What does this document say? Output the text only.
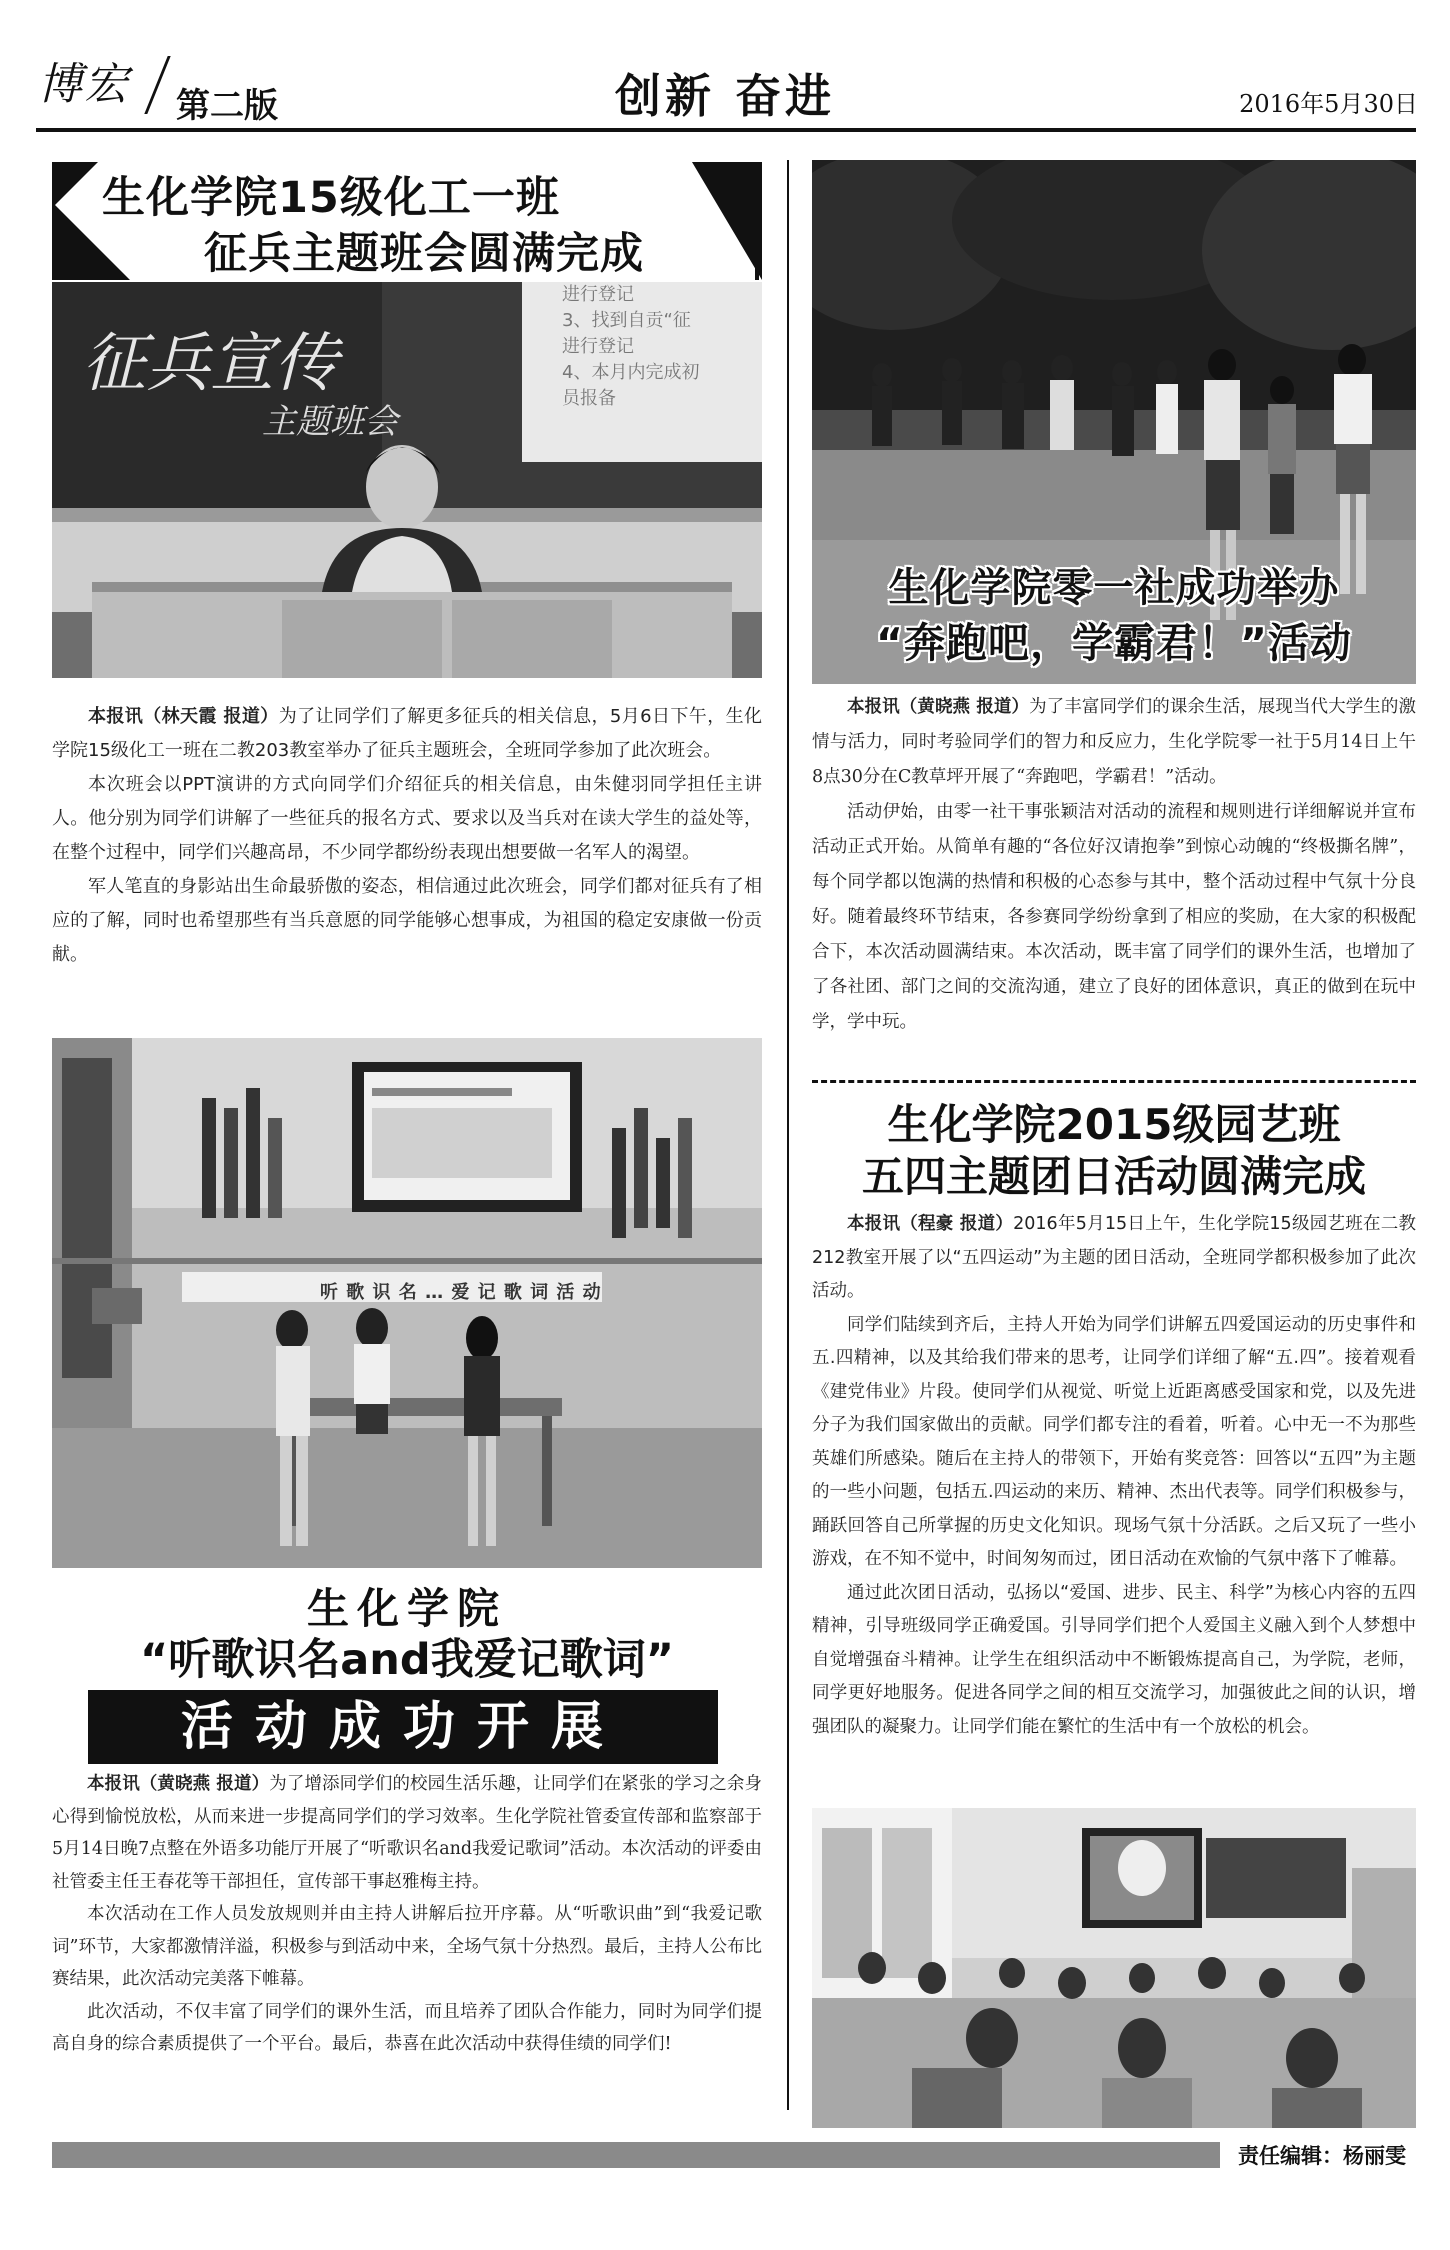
博宏 第二版	创新 奋进	2016年5月30日
生化学院15级化工一班
征兵主题班会圆满完成
征兵宣传
主题班会
进行登记
3、找到自贡“征
进行登记
4、本月内完成初
员报备

本报讯（林天霞 报道）为了让同学们了解更多征兵的相关信息，5月6日下午，生化学院15级化工一班在二教203教室举办了征兵主题班会，全班同学参加了此次班会。

本次班会以PPT演讲的方式向同学们介绍征兵的相关信息，由朱健羽同学担任主讲人。他分别为同学们讲解了一些征兵的报名方式、要求以及当兵对在读大学生的益处等，在整个过程中，同学们兴趣高昂，不少同学都纷纷表现出想要做一名军人的渴望。

军人笔直的身影站出生命最骄傲的姿态，相信通过此次班会，同学们都对征兵有了相应的了解，同时也希望那些有当兵意愿的同学能够心想事成，为祖国的稳定安康做一份贡献。

听 歌 识 名 … 爱 记 歌 词 活 动
生化学院
“听歌识名and我爱记歌词”
活动成功开展

本报讯（黄晓燕 报道）为了增添同学们的校园生活乐趣，让同学们在紧张的学习之余身心得到愉悦放松，从而来进一步提高同学们的学习效率。生化学院社管委宣传部和监察部于5月14日晚7点整在外语多功能厅开展了“听歌识名and我爱记歌词”活动。本次活动的评委由社管委主任王春花等干部担任，宣传部干事赵雅梅主持。

本次活动在工作人员发放规则并由主持人讲解后拉开序幕。从“听歌识曲”到“我爱记歌词”环节，大家都激情洋溢，积极参与到活动中来，全场气氛十分热烈。最后，主持人公布比赛结果，此次活动完美落下帷幕。

此次活动，不仅丰富了同学们的课外生活，而且培养了团队合作能力，同时为同学们提高自身的综合素质提供了一个平台。最后，恭喜在此次活动中获得佳绩的同学们!

生化学院零一社成功举办
“奔跑吧，学霸君！”活动

本报讯（黄晓燕 报道）为了丰富同学们的课余生活，展现当代大学生的激情与活力，同时考验同学们的智力和反应力，生化学院零一社于5月14日上午8点30分在C教草坪开展了“奔跑吧，学霸君！”活动。

活动伊始，由零一社干事张颖洁对活动的流程和规则进行详细解说并宣布活动正式开始。从简单有趣的“各位好汉请抱拳”到惊心动魄的“终极撕名牌”，每个同学都以饱满的热情和积极的心态参与其中，整个活动过程中气氛十分良好。随着最终环节结束，各参赛同学纷纷拿到了相应的奖励，在大家的积极配合下，本次活动圆满结束。本次活动，既丰富了同学们的课外生活，也增加了了各社团、部门之间的交流沟通，建立了良好的团体意识，真正的做到在玩中学，学中玩。

生化学院2015级园艺班
五四主题团日活动圆满完成

本报讯（程豪 报道）2016年5月15日上午，生化学院15级园艺班在二教212教室开展了以“五四运动”为主题的团日活动，全班同学都积极参加了此次活动。

同学们陆续到齐后，主持人开始为同学们讲解五四爱国运动的历史事件和五.四精神，以及其给我们带来的思考，让同学们详细了解“五.四”。接着观看《建党伟业》片段。使同学们从视觉、听觉上近距离感受国家和党，以及先进分子为我们国家做出的贡献。同学们都专注的看着，听着。心中无一不为那些英雄们所感染。随后在主持人的带领下，开始有奖竞答：回答以“五四”为主题的一些小问题，包括五.四运动的来历、精神、杰出代表等。同学们积极参与，踊跃回答自己所掌握的历史文化知识。现场气氛十分活跃。之后又玩了一些小游戏，在不知不觉中，时间匆匆而过，团日活动在欢愉的气氛中落下了帷幕。

通过此次团日活动，弘扬以“爱国、进步、民主、科学”为核心内容的五四精神，引导班级同学正确爱国。引导同学们把个人爱国主义融入到个人梦想中自觉增强奋斗精神。让学生在组织活动中不断锻炼提高自己，为学院，老师，同学更好地服务。促进各同学之间的相互交流学习，加强彼此之间的认识，增强团队的凝聚力。让同学们能在繁忙的生活中有一个放松的机会。

责任编辑：杨丽雯
